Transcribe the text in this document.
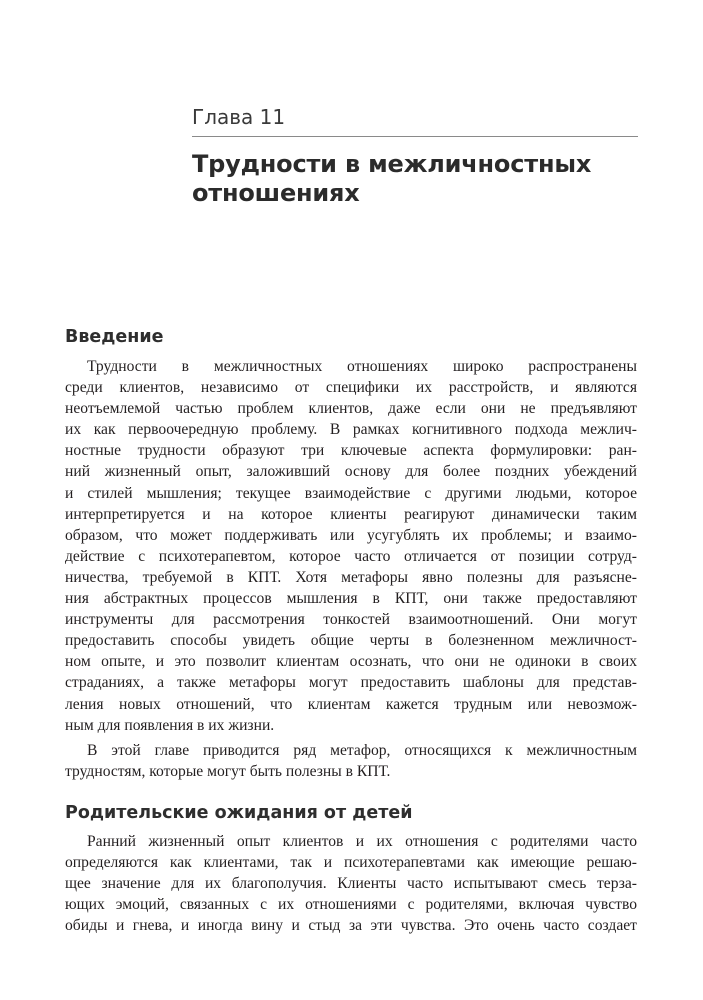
Глава 11
Трудности в межличностных
отношениях
Введение
Трудности в межличностных отношениях широко распространены
среди клиентов, независимо от специфики их расстройств, и являются
неотъемлемой частью проблем клиентов, даже если они не предъявляют
их как первоочередную проблему. В рамках когнитивного подхода межлич-
ностные трудности образуют три ключевые аспекта формулировки: ран-
ний жизненный опыт, заложивший основу для более поздних убеждений
и стилей мышления; текущее взаимодействие с другими людьми, которое
интерпретируется и на которое клиенты реагируют динамически таким
образом, что может поддерживать или усугублять их проблемы; и взаимо-
действие с психотерапевтом, которое часто отличается от позиции сотруд-
ничества, требуемой в КПТ. Хотя метафоры явно полезны для разъясне-
ния абстрактных процессов мышления в КПТ, они также предоставляют
инструменты для рассмотрения тонкостей взаимоотношений. Они могут
предоставить способы увидеть общие черты в болезненном межличност-
ном опыте, и это позволит клиентам осознать, что они не одиноки в своих
страданиях, а также метафоры могут предоставить шаблоны для представ-
ления новых отношений, что клиентам кажется трудным или невозмож-
ным для появления в их жизни.
В этой главе приводится ряд метафор, относящихся к межличностным
трудностям, которые могут быть полезны в КПТ.
Родительские ожидания от детей
Ранний жизненный опыт клиентов и их отношения с родителями часто
определяются как клиентами, так и психотерапевтами как имеющие решаю-
щее значение для их благополучия. Клиенты часто испытывают смесь терза-
ющих эмоций, связанных с их отношениями с родителями, включая чувство
обиды и гнева, и иногда вину и стыд за эти чувства. Это очень часто создает
